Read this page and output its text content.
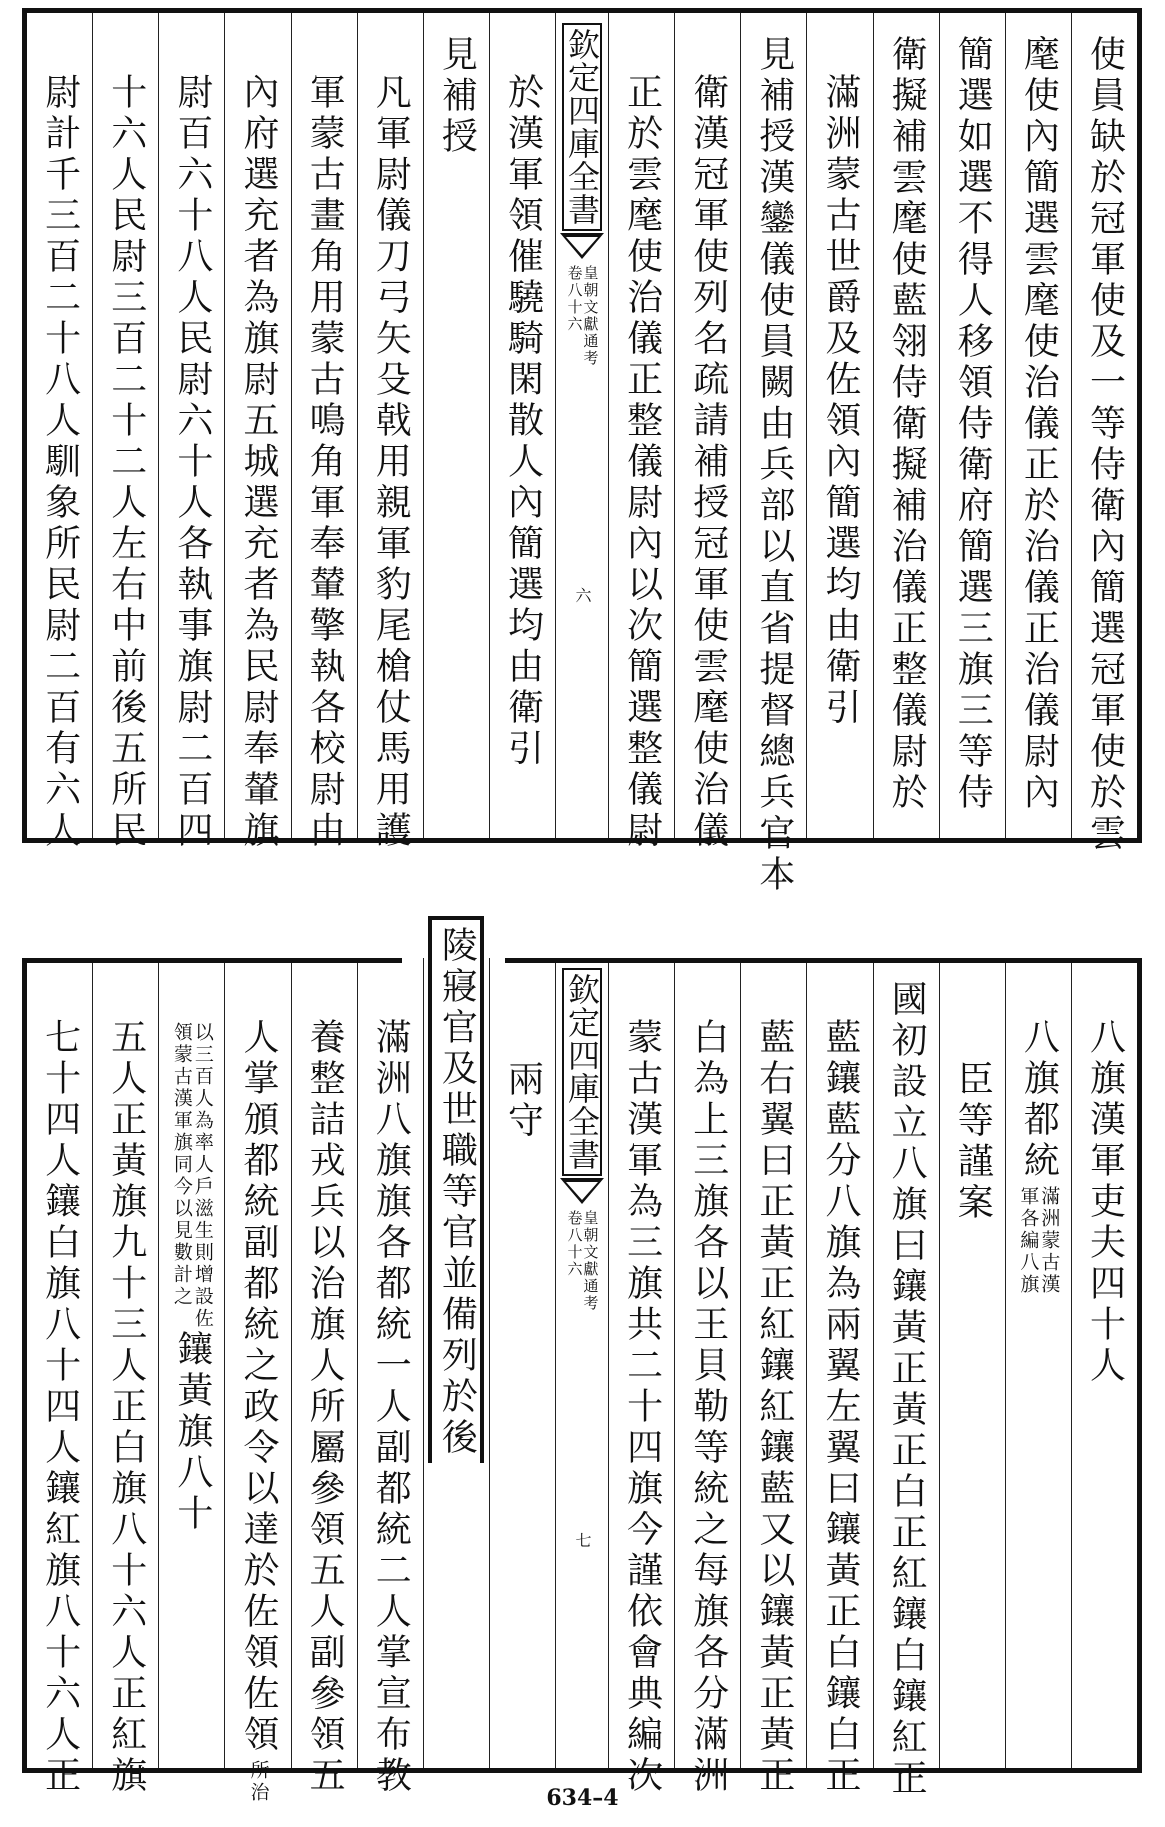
使員缺於冠軍使及一等侍衛內簡選冠軍使於雲
麾使內簡選雲麾使治儀正於治儀正治儀尉內
簡選如選不得人移領侍衛府簡選三旗三等侍
衛擬補雲麾使藍翎侍衛擬補治儀正整儀尉於
滿洲蒙古世爵及佐領內簡選均由衛引
見補授漢鑾儀使員闕由兵部以直省提督總兵官本
衛漢冠軍使列名疏請補授冠軍使雲麾使治儀
正於雲麾使治儀正整儀尉內以次簡選整儀尉
欽定四庫全書
皇朝文獻通考
卷八十六
六
於漢軍領催驍騎閑散人內簡選均由衛引
見補授
凡軍尉儀刀弓矢殳戟用親軍豹尾槍仗馬用護
軍蒙古畫角用蒙古鳴角軍奉輦擎執各校尉由
內府選充者為旗尉五城選充者為民尉奉輦旗
尉百六十八人民尉六十人各執事旗尉二百四
十六人民尉三百二十二人左右中前後五所民
尉計千三百二十八人馴象所民尉二百有六人
八旗漢軍吏夫四十人
八旗都統
滿洲蒙古漢
軍各編八旗
臣等謹案
國初設立八旗曰鑲黃正黃正白正紅鑲白鑲紅正
藍鑲藍分八旗為兩翼左翼曰鑲黃正白鑲白正
藍右翼曰正黃正紅鑲紅鑲藍又以鑲黃正黃正
白為上三旗各以王貝勒等統之每旗各分滿洲
蒙古漢軍為三旗共二十四旗今謹依會典編次
欽定四庫全書
皇朝文獻通考
卷八十六
七
兩守
陵寢官及世職等官並備列於後
滿洲八旗旗各都統一人副都統二人掌宣布教
養整詰戎兵以治旗人所屬參領五人副參領五
人掌頒都統副都統之政令以達於佐領佐領
所治
以三百人為率人戶滋生則增設佐
領蒙古漢軍旗同今以見數計之
鑲黃旗八十
五人正黃旗九十三人正白旗八十六人正紅旗
七十四人鑲白旗八十四人鑲紅旗八十六人正
634–4
